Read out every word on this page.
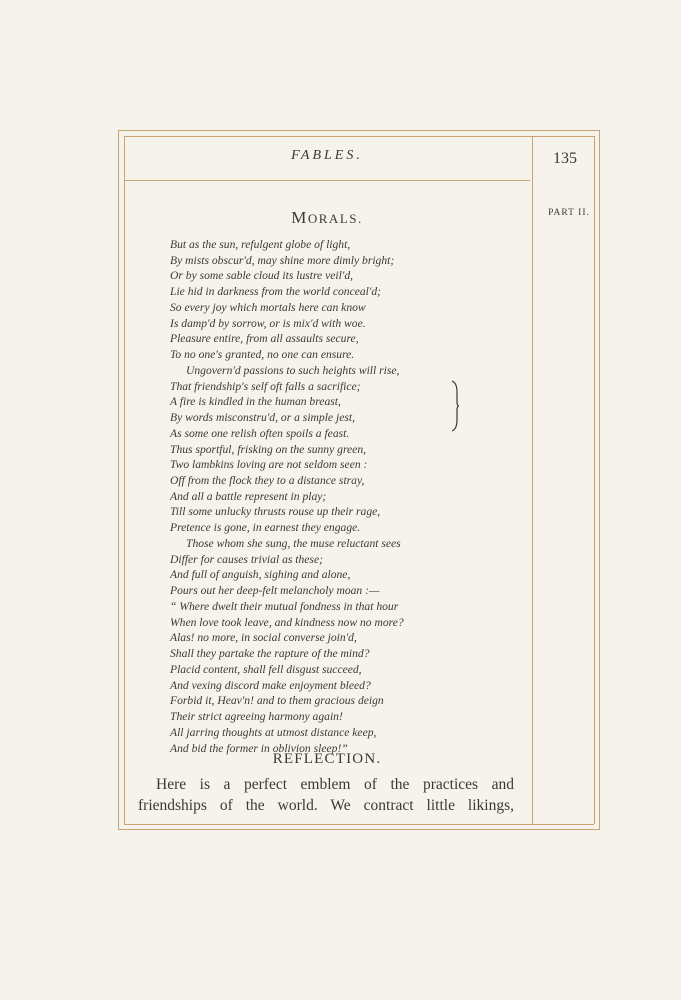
FABLES.	135
PART II.
MORALS.
But as the sun, refulgent globe of light,
By mists obscur'd, may shine more dimly bright;
Or by some sable cloud its lustre veil'd,
Lie hid in darkness from the world conceal'd;
So every joy which mortals here can know
Is damp'd by sorrow, or is mix'd with woe.
Pleasure entire, from all assaults secure,
To no one's granted, no one can ensure.
Ungovern'd passions to such heights will rise,
That friendship's self oft falls a sacrifice;
A fire is kindled in the human breast,
By words misconstru'd, or a simple jest,
As some one relish often spoils a feast.
Thus sportful, frisking on the sunny green,
Two lambkins loving are not seldom seen :
Off from the flock they to a distance stray,
And all a battle represent in play;
Till some unlucky thrusts rouse up their rage,
Pretence is gone, in earnest they engage.
Those whom she sung, the muse reluctant sees
Differ for causes trivial as these;
And full of anguish, sighing and alone,
Pours out her deep-felt melancholy moan :—
“ Where dwelt their mutual fondness in that hour
When love took leave, and kindness now no more?
Alas! no more, in social converse join'd,
Shall they partake the rapture of the mind?
Placid content, shall fell disgust succeed,
And vexing discord make enjoyment bleed?
Forbid it, Heav'n! and to them gracious deign
Their strict agreeing harmony again!
All jarring thoughts at utmost distance keep,
And bid the former in oblivion sleep!”
REFLECTION.
Here is a perfect emblem of the practices and
friendships of the world. We contract little likings,
